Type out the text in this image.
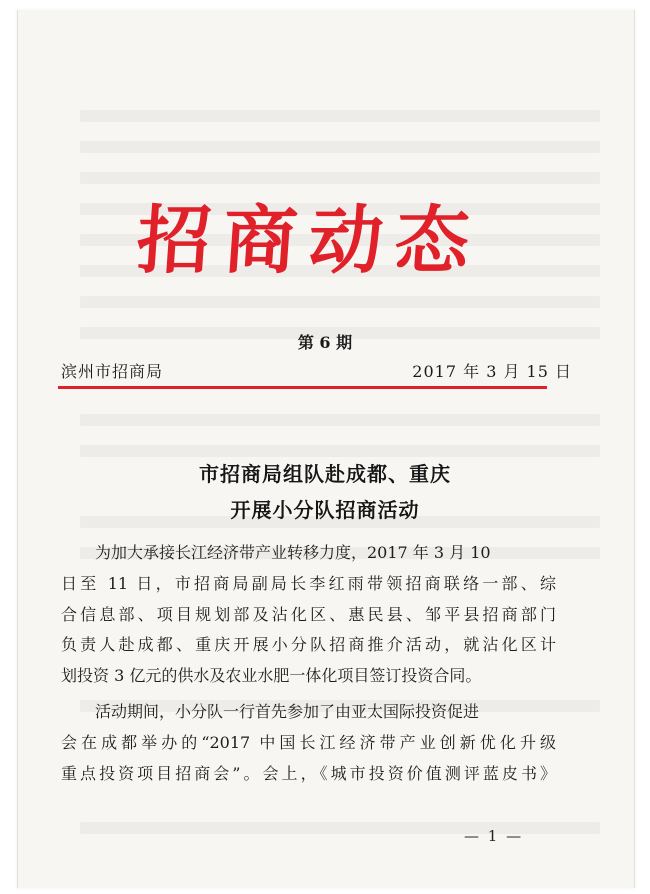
招商动态
第 6 期
滨州市招商局	2017 年 3 月 15 日
市招商局组队赴成都、重庆
开展小分队招商活动
为加大承接长江经济带产业转移力度，2017 年 3 月 10
日至 11 日，市招商局副局长李红雨带领招商联络一部、综
合信息部、项目规划部及沾化区、惠民县、邹平县招商部门
负责人赴成都、重庆开展小分队招商推介活动，就沾化区计
划投资 3 亿元的供水及农业水肥一体化项目签订投资合同。
活动期间，小分队一行首先参加了由亚太国际投资促进
会在成都举办的“2017 中国长江经济带产业创新优化升级
重点投资项目招商会”。会上，《城市投资价值测评蓝皮书》
— 1 —
